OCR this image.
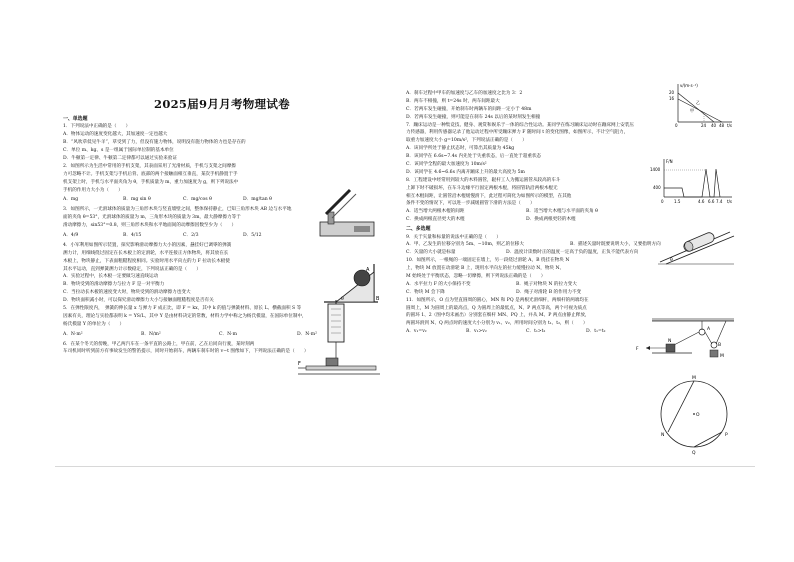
2025届9月月考物理试卷
一、单选题
1．下列说法中正确的是（　　）
A．物体运动的速度变化越大，其加速度一定也越大
B．“风吹草低见牛羊”，草受到了力，但没有施力物体，说明没有施力物体的力也是存在的
C．单位 m、kg、s 是一组属于国际单位制的基本单位
D．牛顿第一定律、牛顿第二定律都可以通过实验来验证
2．如图所示为生活中常用的手机支架，其表面采用了光滑材质，手机与支架之间摩擦
力可忽略不计。手机支架与手机后背、底部的两个接触面相互垂直，某次手机静置于手
机支架上时，手机与水平面夹角为 θ，手机质量为 m，重力加速度为 g，则下列说法中
手机的作用力大小为（　　）
A．mg	B．mg sin θ	C．mg/cos θ	D．mg/tan θ
3．如图所示，一光滑球体的质量为三角形木块与竖直墙壁之间，整体保持静止，已知三角形木块 AB 边与水平地
面的夹角 θ=53°，光滑球体的质量为 m，三角形木块的质量为 3m，最大静摩擦力等于
滑动摩擦力，sin53°=0.8，则三角形木块和水平地面间的动摩擦因数至少为（　　）
A．4/9	B．4/15	C．2/3	D．5/12
4．小军利用如图所示装置，探究影响滑动摩擦力大小的因素，悬挂好已调零的弹簧
测力计，用细线绕过固定在长木板上的定滑轮，水平连接正方体物块，将其放在长
木板上，物块静止，下表面粗糙程度相同。实验时用水平向左的力 F 拉动长木板使
其水平运动，直到弹簧测力计示数稳定，下列说法正确的是（　　）
A．实验过程中，长木板一定要做匀速直线运动
B．物块受到的滑动摩擦力与拉力 F 是一对平衡力
C．当拉动长木板的速度变大时，物块受到的滑动摩擦力也变大
D．物块面积减小时，可以探究滑动摩擦力大小与接触面粗糙程度是否有关
5．在弹性限度内，　弹簧的伸长量 x 与弹力 F 成正比，即 F = kx，其中 k 的值与弹簧材料、原长 L、横截面积 S 等
因素有关，理论与实验都表明 k = YS/L，其中 Y 是由材料决定的常数，材料力学中称之为杨氏模量，在国际单位制中，
杨氏模量 Y 的单位为（　　）
A．N·m²	B．N/m²	C．N·m	D．N·m²
6．在某个冬天的傍晚，甲乙两汽车在一条平直的公路上，甲在前，乙在后同向行驶，某时刻两
车司机同时听到前方有事故发生的警笛提示，同时开始刹车，两辆车刹车时的 v−t 图像如下，下列说法正确的是（　　）
A
B
θ
F
A．刹车过程中甲车的加速度与乙车的加速度之比为 3：2
B．两车不相撞，则 t=24s 时，两车间距最大
C．若两车发生碰撞，开始刹车时两辆车的间距一定小于 48m
D．若两车发生碰撞，则可能是在刹车 24s 以后的某时刻发生相撞
7．蹦床运动是一种集竞技、健身、观赏和娱乐于一体的综合性运动。某同学在练习蹦床运动时在蹦床网上安装压
力传感器，利用传感器记录了他运动过程中所受蹦床弹力 F 随时间 t 的变化图像，如图所示，不计空气阻力，
取重力加速度大小 g=10m/s²，下列说法正确的是（　　）
A．该同学所处于静止状态时，可算出其质量为 45kg
B．该同学在 6.6s~7.4s 内先处于失重状态，后一直处于超重状态
C．该同学全程的最大加速度为 10m/s²
D．该同学在 4.6~6.6s 内离开蹦床上升的最大高度为 5m
8．工程建设中经常用到较大的木料圆管，辊杆工人为搬运圆管从较高的车斗
上卸下时不破损坏，在车斗边缘平行固定两根木棍，将圆管轨沿两根木棍无
相互木棍间距，让圆管沿木棍缓慢滑下，此过程可简化为如图所示的模型，在其他
条件不变的情况下，可以进一步减缓圆管下滑的方法是（　　）
A．适当增大两根木棍的间距	B．适当增大木棍与水平面的夹角 θ
C．换成两根直径更大的木棍	D．换成两根更轻的木棍
二、多选题
9．关于矢量和标量的说法中正确的是（　　）
A．甲、乙发生的位移分别为 5m、−10m，则乙的位移大	B．描述矢量时既要说明大小，又要指明方向
C．矢量的大小就是标量	D．温度计读数时正的温度一定高于负的温度，正负不能代表方向
10．如图所示，一根绳的一端固定在墙上，另一段绕过滑轮 A，B 绕挂在物块 N
上，物块 M 放置在动滑轮 B 上，现用水平向左的拉力缓慢拉动 N，物块 N、
M 始终处于平衡状态，忽略一切摩擦，则下列说法正确的是（　　）
A．水平拉力 F 的大小保持不变	B．绳子对物块 N 的拉力变大
C．物块 M 会下降	D．绳子对滑轮 B 的作用力不变
11．如图所示，O 点为竖直圆周的圆心，MN 和 PQ 是两根光滑细杆，两细杆的两端均在
圆周上，M 为圆周上的最高点，Q 为圆周上的最低点，N、P 两点等高，两个可视为质点
的圆环 1、2（图中均未画出）分别套在细杆 MN、PQ 上，并从 M、P 两点由静止释放，
两圆环滑到 N、Q 两点时的速度大小分别为 v₁、v₂，所用时间分别为 t₁、t₂，则（　　）
A．v₁=v₂	B．v₁>v₂	C．t₁>t₂	D．t₁=t₂
v/(m·s⁻¹)
20
16
乙
甲
0	24 40 48 t/s
F/N
1400
400
0	1.5	4.6 6.6 7.4 t/s
θ
A
B
M
N
F
M
O
N	P
Q
